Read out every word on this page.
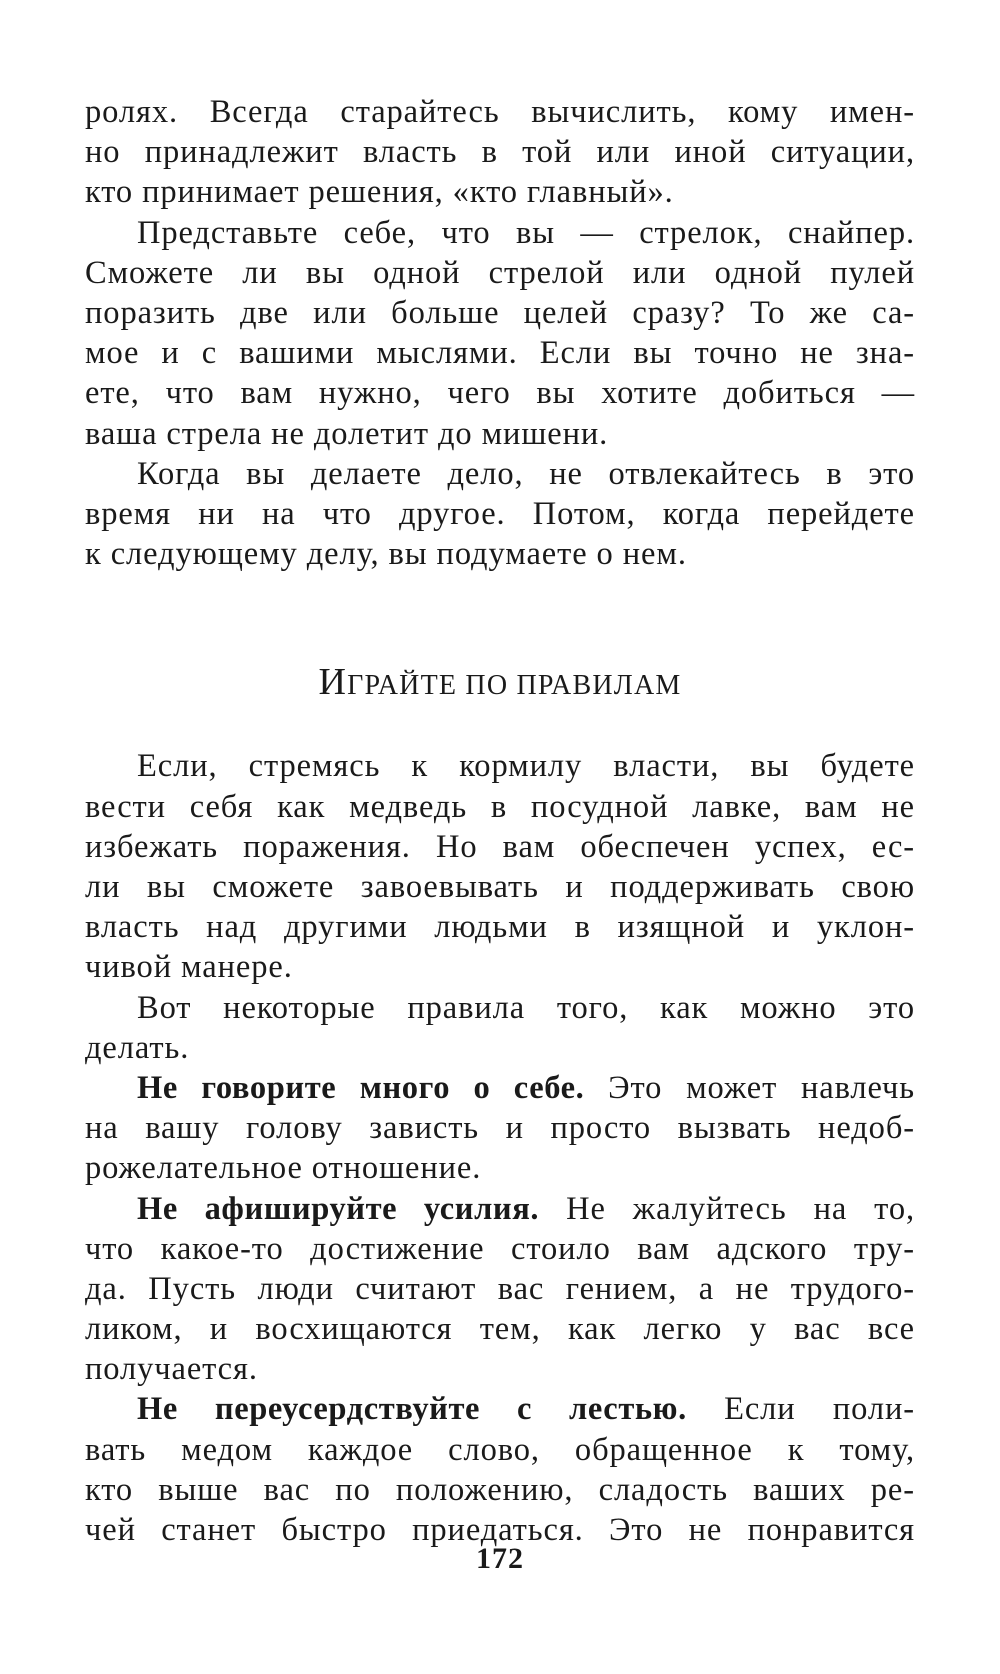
ролях. Всегда старайтесь вычислить, кому имен-
но принадлежит власть в той или иной ситуации,
кто принимает решения, «кто главный».
Представьте себе, что вы — стрелок, снайпер.
Сможете ли вы одной стрелой или одной пулей
поразить две или больше целей сразу? То же са-
мое и с вашими мыслями. Если вы точно не зна-
ете, что вам нужно, чего вы хотите добиться —
ваша стрела не долетит до мишени.
Когда вы делаете дело, не отвлекайтесь в это
время ни на что другое. Потом, когда перейдете
к следующему делу, вы подумаете о нем.
ИГРАЙТЕ ПО ПРАВИЛАМ
Если, стремясь к кормилу власти, вы будете
вести себя как медведь в посудной лавке, вам не
избежать поражения. Но вам обеспечен успех, ес-
ли вы сможете завоевывать и поддерживать свою
власть над другими людьми в изящной и уклон-
чивой манере.
Вот некоторые правила того, как можно это
делать.
Не говорите много о себе. Это может навлечь
на вашу голову зависть и просто вызвать недоб-
рожелательное отношение.
Не афишируйте усилия. Не жалуйтесь на то,
что какое-то достижение стоило вам адского тру-
да. Пусть люди считают вас гением, а не трудого-
ликом, и восхищаются тем, как легко у вас все
получается.
Не переусердствуйте с лестью. Если поли-
вать медом каждое слово, обращенное к тому,
кто выше вас по положению, сладость ваших ре-
чей станет быстро приедаться. Это не понравится
172
